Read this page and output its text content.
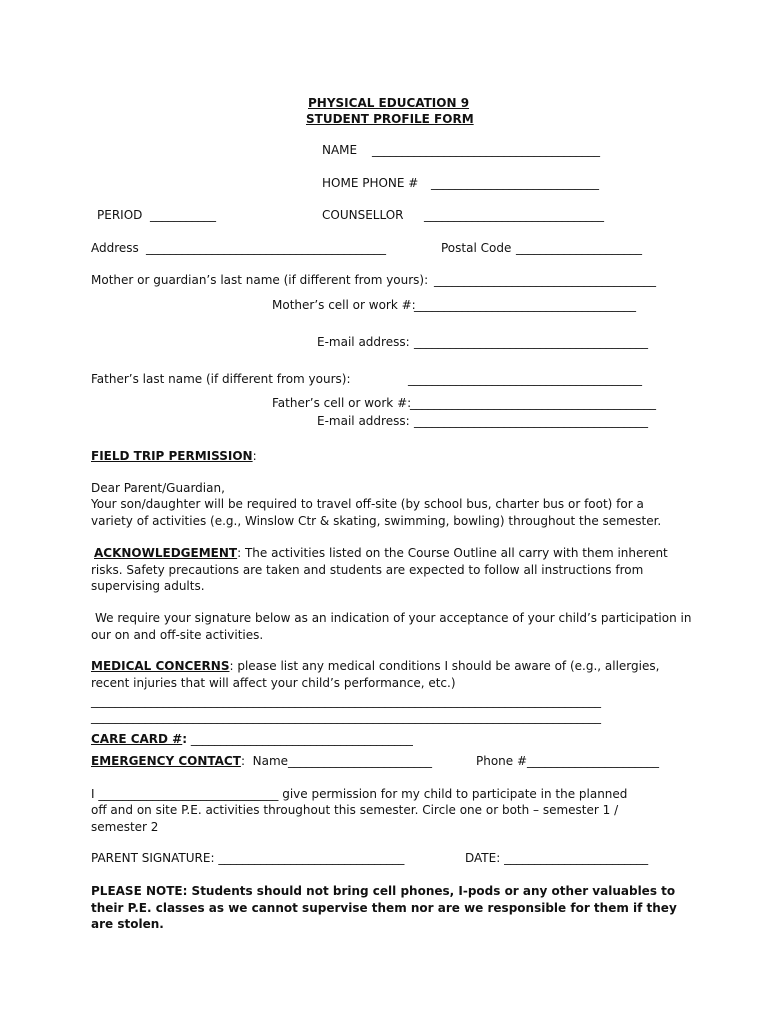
PHYSICAL EDUCATION 9
STUDENT PROFILE FORM
NAME ______________________________________
HOME PHONE # ____________________________
PERIOD ___________	COUNSELLOR ______________________________
Address ________________________________________	Postal Code _____________________
Mother or guardian’s last name (if different from yours): _____________________________________
Mother’s cell or work #:
_____________________________________
E-mail address: _______________________________________
Father’s last name (if different from yours):	_______________________________________
Father’s cell or work #:
_________________________________________
E-mail address: _______________________________________
FIELD TRIP PERMISSION:
Dear Parent/Guardian,
Your son/daughter will be required to travel off-site (by school bus, charter bus or foot) for a variety of activities (e.g., Winslow Ctr & skating, swimming, bowling) throughout the semester.
ACKNOWLEDGEMENT: The activities listed on the Course Outline all carry with them inherent risks. Safety precautions are taken and students are expected to follow all instructions from supervising adults.
We require your signature below as an indication of your acceptance of your child’s participation in our on and off-site activities.
MEDICAL CONCERNS: please list any medical conditions I should be aware of (e.g., allergies, recent injuries that will affect your child’s performance, etc.)
_____________________________________________________________________________________
_____________________________________________________________________________________
CARE CARD #: _____________________________________
EMERGENCY CONTACT:  Name________________________	Phone #______________________
I ______________________________ give permission for my child to participate in the planned
off and on site P.E. activities throughout this semester. Circle one or both – semester 1 / semester 2
PARENT SIGNATURE: _______________________________	DATE: ________________________
PLEASE NOTE: Students should not bring cell phones, I-pods or any other valuables to their P.E. classes as we cannot supervise them nor are we responsible for them if they are stolen.
